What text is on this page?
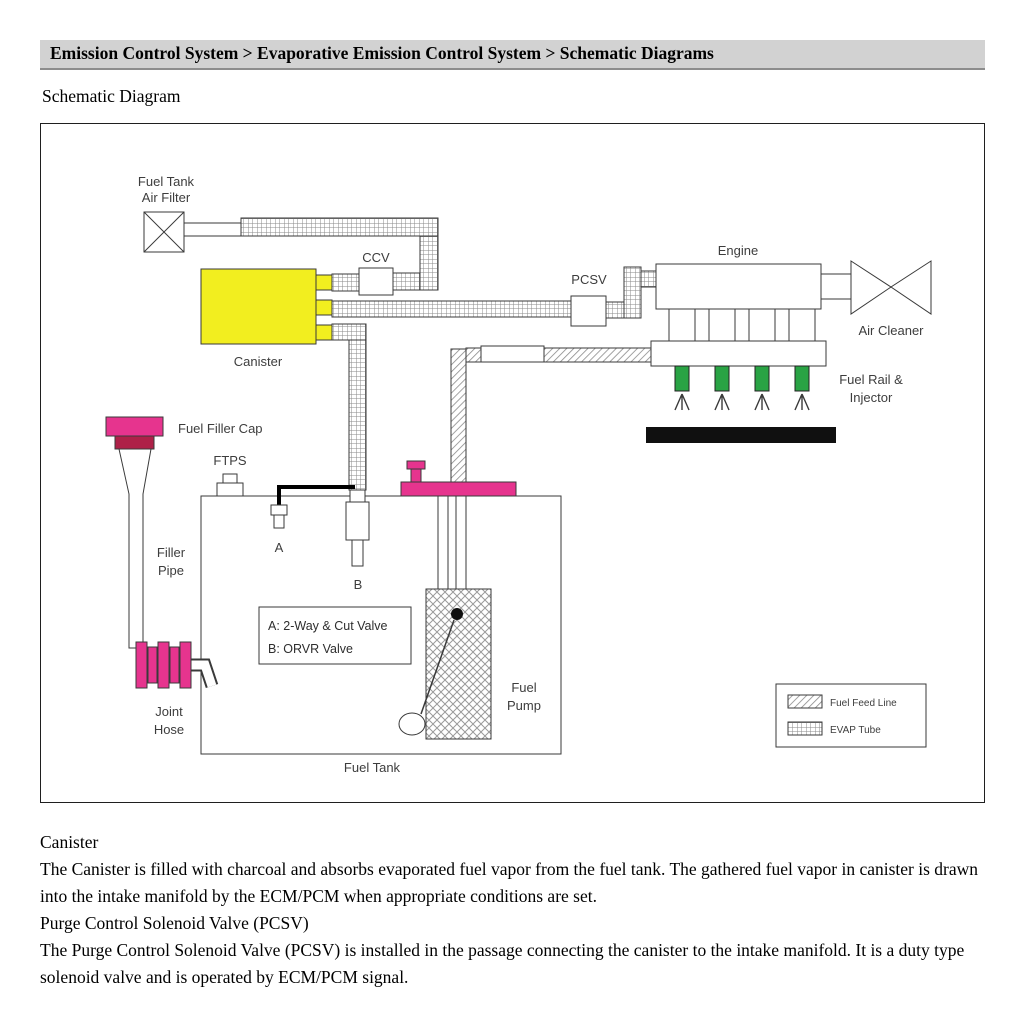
Emission Control System > Evaporative Emission Control System > Schematic Diagrams
Schematic Diagram
Fuel Tank
Air Filter
CCV
Canister
PCSV
Engine
Fuel Rail &
Injector
Air Cleaner
Fuel Tank
FTPS
A
B
A: 2-Way & Cut Valve
B: ORVR Valve
Fuel
Pump
Fuel Filler Cap
Filler
Pipe
Joint
Hose
Fuel Feed Line
EVAP Tube

Canister

The Canister is filled with charcoal and absorbs evaporated fuel vapor from the fuel tank. The gathered fuel vapor in canister is drawn into the intake manifold by the ECM/PCM when appropriate conditions are set.

Purge Control Solenoid Valve (PCSV)

The Purge Control Solenoid Valve (PCSV) is installed in the passage connecting the canister to the intake manifold. It is a duty type solenoid valve and is operated by ECM/PCM signal.
